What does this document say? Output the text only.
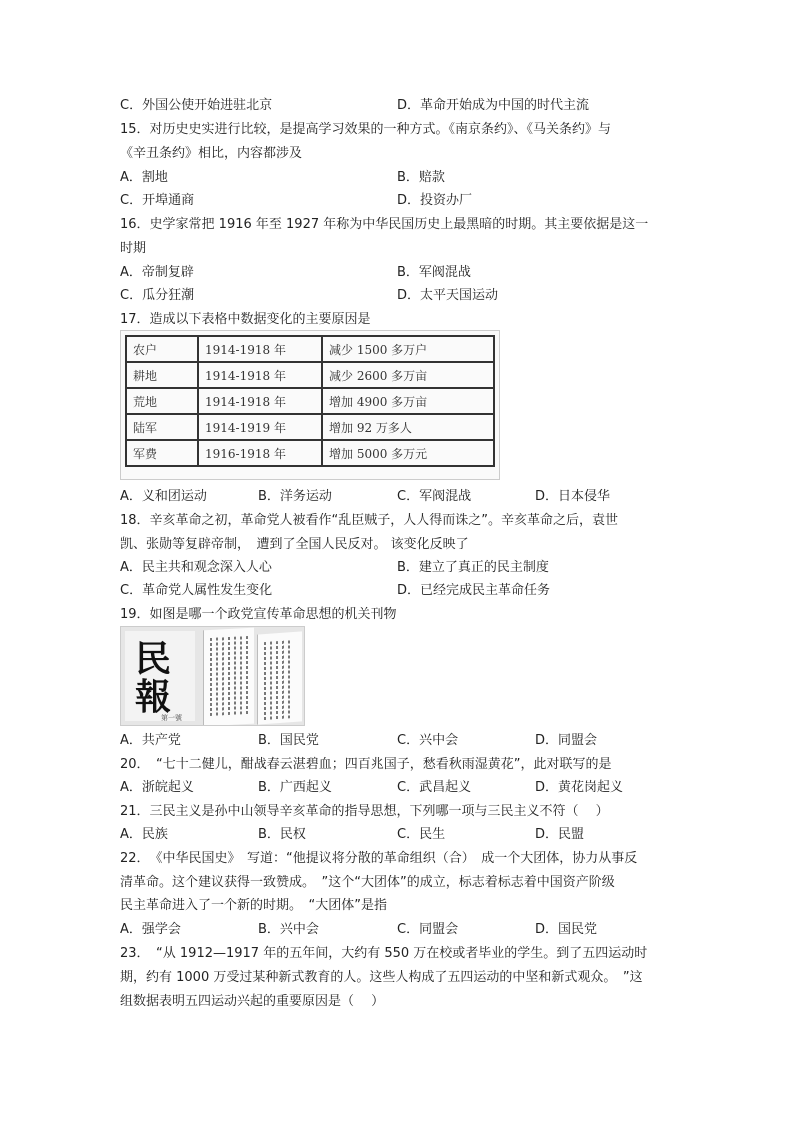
C．外国公使开始进驻北京	D．革命开始成为中国的时代主流
15．对历史史实进行比较，是提高学习效果的一种方式。《南京条约》、《马关条约》与
《辛丑条约》相比，内容都涉及
A．割地	B．赔款
C．开埠通商	D．投资办厂
16．史学家常把 1916 年至 1927 年称为中华民国历史上最黑暗的时期。其主要依据是这一
时期
A．帝制复辟	B．军阀混战
C．瓜分狂潮	D．太平天国运动
17．造成以下表格中数据变化的主要原因是
农户	1914-1918 年	减少 1500 多万户
耕地	1914-1918 年	减少 2600 多万亩
荒地	1914-1918 年	增加 4900 多万亩
陆军	1914-1919 年	增加 92 万多人
军费	1916-1918 年	增加 5000 多万元
A．义和团运动	B．洋务运动	C．军阀混战	D．日本侵华
18．辛亥革命之初，革命党人被看作“乱臣贼子，人人得而诛之”。辛亥革命之后，袁世
凯、张勋等复辟帝制，　遭到了全国人民反对。 该变化反映了
A．民主共和观念深入人心	B．建立了真正的民主制度
C．革命党人属性发生变化	D．已经完成民主革命任务
19．如图是哪一个政党宣传革命思想的机关刊物
民
報
第一號
A．共产党	B．国民党	C．兴中会	D．同盟会
20．　“七十二健儿，酣战春云湛碧血；四百兆国子，愁看秋雨湿黄花”，此对联写的是
A．浙皖起义	B．广西起义	C．武昌起义	D．黄花岗起义
21．三民主义是孙中山领导辛亥革命的指导思想，下列哪一项与三民主义不符（　 ）
A．民族	B．民权	C．民生	D．民盟
22．　《中华民国史》　写道：“他提议将分散的革命组织（合）　成一个大团体，协力从事反
清革命。这个建议获得一致赞成。　”这个“大团体”的成立，标志着标志着中国资产阶级
民主革命进入了一个新的时期。　“大团体”是指
A．强学会	B．兴中会	C．同盟会	D．国民党
23．　“从 1912—1917 年的五年间，大约有 550 万在校或者毕业的学生。到了五四运动时
期，约有 1000 万受过某种新式教育的人。这些人构成了五四运动的中坚和新式观众。　”这
组数据表明五四运动兴起的重要原因是（　 ）
